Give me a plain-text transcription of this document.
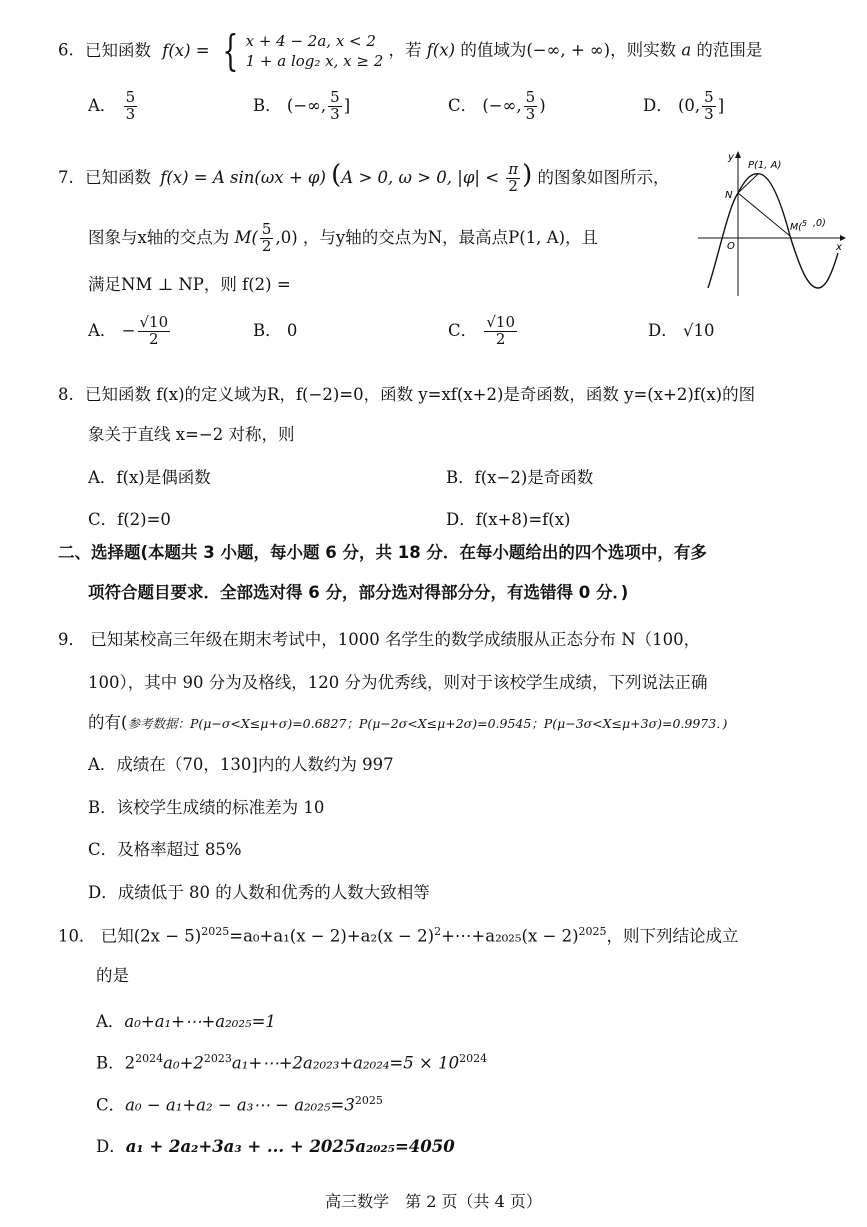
6. 已知函数 f(x) = { x + 4 − 2a, x < 2
1 + a log₂ x, x ≥ 2
，若 f(x) 的值域为(−∞, + ∞)，则实数 a 的范围是
A． $\frac{5}{3}$	B． (−∞, $\frac{5}{3}$ ]	C． (−∞, $\frac{5}{3}$ )	D． (0, $\frac{5}{3}$ ]
7. 已知函数 f(x) = A sin(ωx + φ) (A > 0, ω > 0, $|\varphi| < \frac{\pi}{2}$ ) 的图象如图所示，
图象与x轴的交点为 $M( \frac{5}{2} ,0)$ ，与y轴的交点为N，最高点P(1, A)，且
满足NM ⊥ NP，则 f(2) =
A． − $\frac{√10}{2}$	B． 0	C． $\frac{√10}{2}$	D． √10
y
x
O
N
P(1, A)
M($^5$ ,0)
8. 已知函数 f(x)的定义域为R，f(−2)=0，函数 y=xf(x+2)是奇函数，函数 y=(x+2)f(x)的图
象关于直线 x=−2 对称，则
A．f(x)是偶函数	B．f(x−2)是奇函数
C．f(2)=0	D．f(x+8)=f(x)
二、选择题(本题共 3 小题，每小题 6 分，共 18 分．在每小题给出的四个选项中，有多
项符合题目要求．全部选对得 6 分，部分选对得部分分，有选错得 0 分．)
9． 已知某校高三年级在期末考试中，1000 名学生的数学成绩服从正态分布 N（100，
100），其中 90 分为及格线，120 分为优秀线，则对于该校学生成绩，下列说法正确
的有(参考数据：P(μ−σ<X≤μ+σ)=0.6827；P(μ−2σ<X≤μ+2σ)=0.9545；P(μ−3σ<X≤μ+3σ)=0.9973．)
A．成绩在（70，130]内的人数约为 997
B．该校学生成绩的标准差为 10
C．及格率超过 85%
D．成绩低于 80 的人数和优秀的人数大致相等
10． 已知$(2x - 5)^{2025}=a_0+a_1(x - 2)+a_2(x$ − $2)^2+\cdots+a_{2025}(x - 2)^{2025}$，则下列结论成立
的是
A．a₀+a₁+⋯+a₂₀₂₅=1
B．$2^{2024}a_0+2^{2023}a_1+\cdots+2a_{2023}+a_{2024}=5 \times 10^{2024}$
C．a₀ − a₁+a₂ − a₃⋯ − $a_{2025}=3^{2025}$
D．a₁ + 2a₂+3a₃ + ... + 2025a₂₀₂₅=4050
高三数学　第 2 页（共 4 页）
